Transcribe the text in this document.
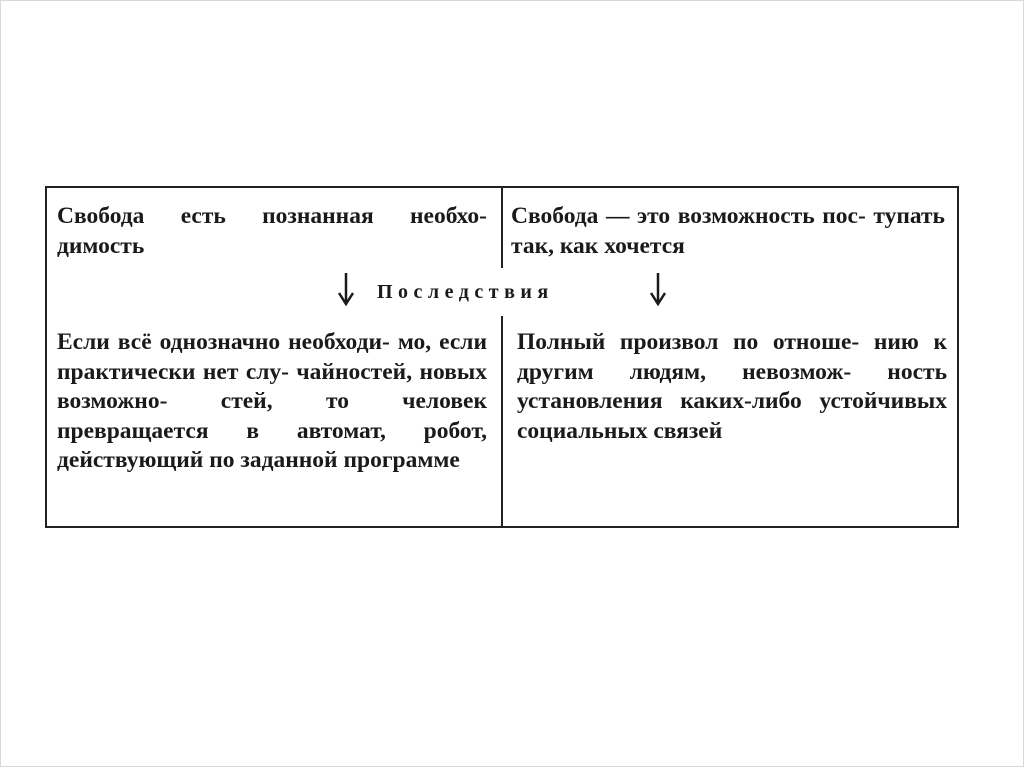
Свобода есть познанная необхо- димость
Свобода — это возможность пос- тупать так, как хочется
Последствия
Если всё однозначно необходи- мо, если практически нет слу- чайностей, новых возможно- стей, то человек превращается в автомат, робот, действующий по заданной программе
Полный произвол по отноше- нию к другим людям, невозмож- ность установления каких-либо устойчивых социальных связей
